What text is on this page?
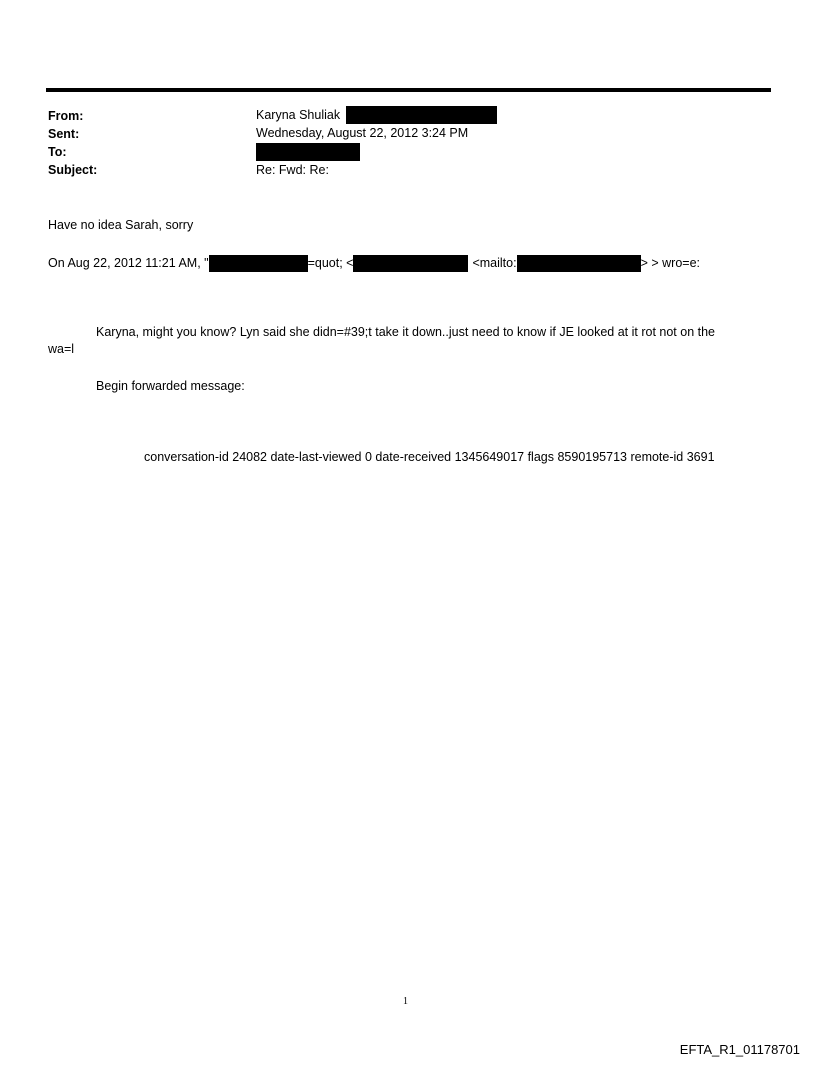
From:	Karyna Shuliak
Sent:	Wednesday, August 22, 2012 3:24 PM
To:
Subject:	Re: Fwd: Re:
Have no idea Sarah, sorry
On Aug 22, 2012 11:21 AM, "	=quot; <	<mailto:	> > wro=e:
Karyna, might you know? Lyn said she didn=#39;t take it down..just need to know if JE looked at it rot not on the
wa=l
Begin forwarded message:
conversation-id 24082 date-last-viewed 0 date-received 1345649017 flags 8590195713 remote-id 3691
1
EFTA_R1_01178701
